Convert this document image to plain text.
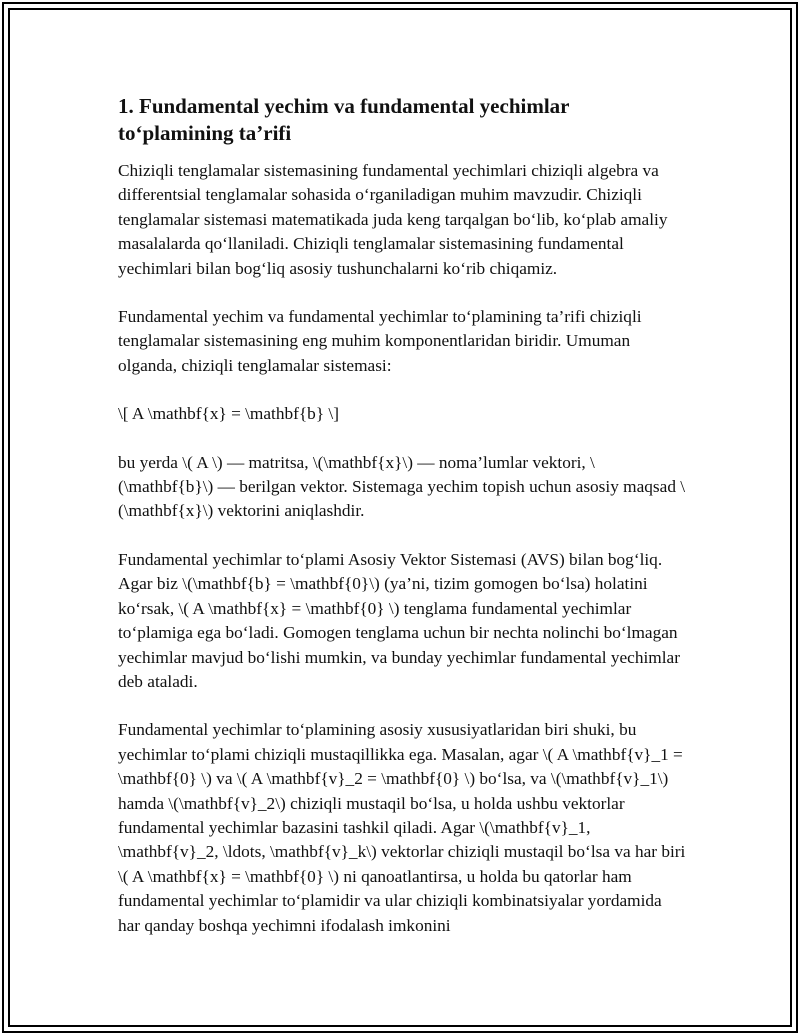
1. Fundamental yechim va fundamental yechimlar to‘plamining ta’rifi

Chiziqli tenglamalar sistemasining fundamental yechimlari chiziqli algebra va differentsial tenglamalar sohasida o‘rganiladigan muhim mavzudir. Chiziqli tenglamalar sistemasi matematikada juda keng tarqalgan bo‘lib, ko‘plab amaliy masalalarda qo‘llaniladi. Chiziqli tenglamalar sistemasining fundamental yechimlari bilan bog‘liq asosiy tushunchalarni ko‘rib chiqamiz.

Fundamental yechim va fundamental yechimlar to‘plamining ta’rifi chiziqli tenglamalar sistemasining eng muhim komponentlaridan biridir. Umuman olganda, chiziqli tenglamalar sistemasi:

\[ A \mathbf{x} = \mathbf{b} \]

bu yerda \( A \) — matritsa, \(\mathbf{x}\) — noma’lumlar vektori, \(\mathbf{b}\) — berilgan vektor. Sistemaga yechim topish uchun asosiy maqsad \(\mathbf{x}\) vektorini aniqlashdir.

Fundamental yechimlar to‘plami Asosiy Vektor Sistemasi (AVS) bilan bog‘liq. Agar biz \(\mathbf{b} = \mathbf{0}\) (ya’ni, tizim gomogen bo‘lsa) holatini ko‘rsak, \( A \mathbf{x} = \mathbf{0} \) tenglama fundamental yechimlar to‘plamiga ega bo‘ladi. Gomogen tenglama uchun bir nechta nolinchi bo‘lmagan yechimlar mavjud bo‘lishi mumkin, va bunday yechimlar fundamental yechimlar deb ataladi.

Fundamental yechimlar to‘plamining asosiy xususiyatlaridan biri shuki, bu yechimlar to‘plami chiziqli mustaqillikka ega. Masalan, agar \( A \mathbf{v}_1 = \mathbf{0} \) va \( A \mathbf{v}_2 = \mathbf{0} \) bo‘lsa, va \(\mathbf{v}_1\) hamda \(\mathbf{v}_2\) chiziqli mustaqil bo‘lsa, u holda ushbu vektorlar fundamental yechimlar bazasini tashkil qiladi. Agar \(\mathbf{v}_1, \mathbf{v}_2, \ldots, \mathbf{v}_k\) vektorlar chiziqli mustaqil bo‘lsa va har biri \( A \mathbf{x} = \mathbf{0} \) ni qanoatlantirsa, u holda bu qatorlar ham fundamental yechimlar to‘plamidir va ular chiziqli kombinatsiyalar yordamida har qanday boshqa yechimni ifodalash imkonini
